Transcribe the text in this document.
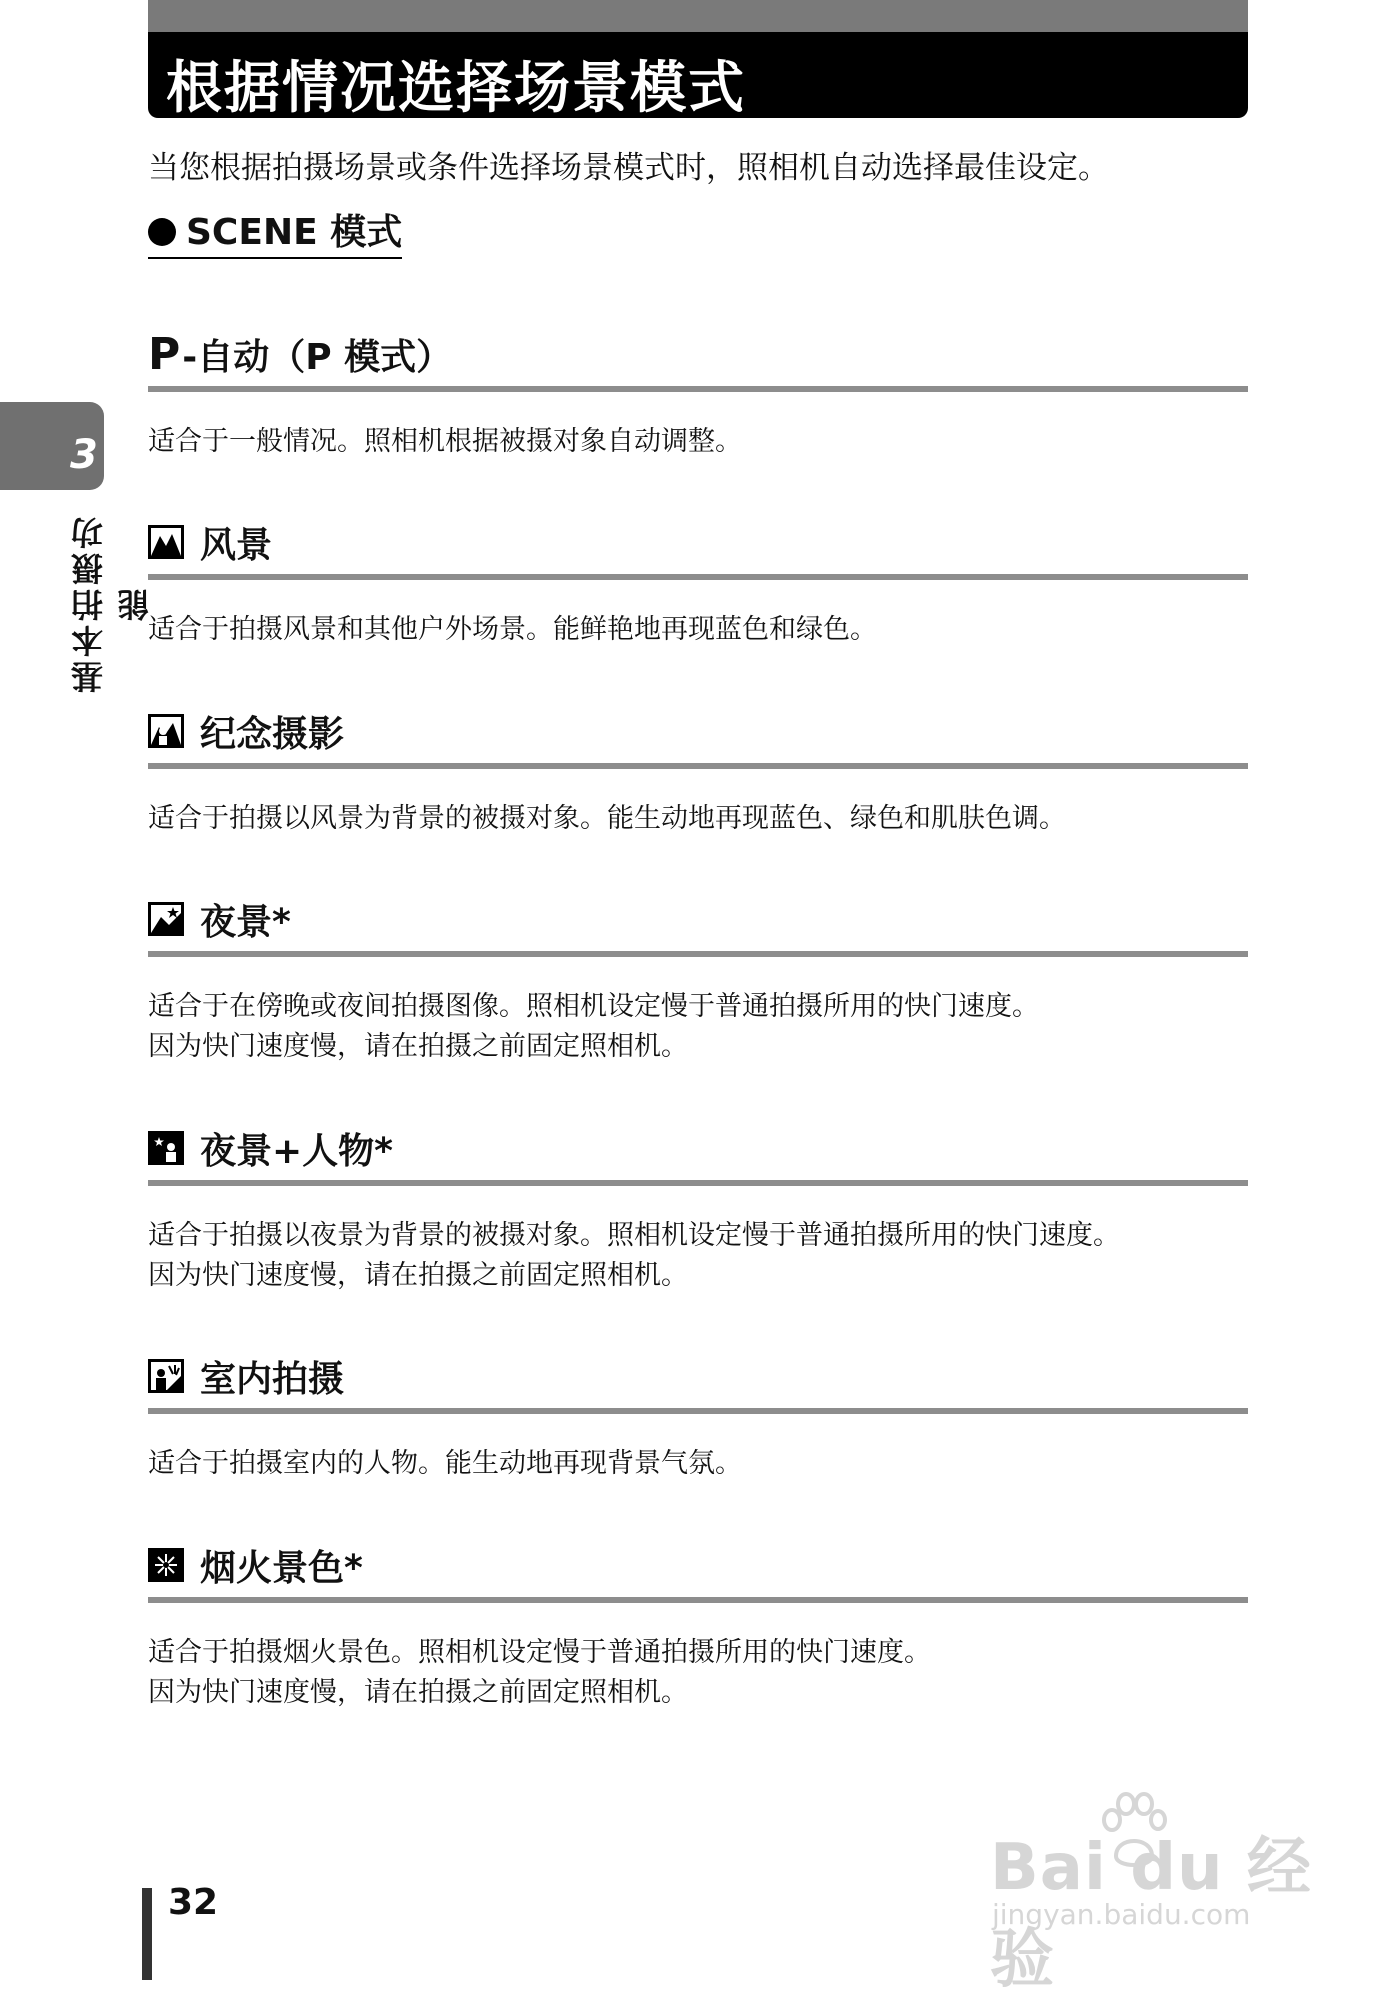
根据情况选择场景模式
当您根据拍摄场景或条件选择场景模式时，照相机自动选择最佳设定。
SCENE 模式
P -自动（P 模式）
适合于一般情况。照相机根据被摄对象自动调整。
风景
适合于拍摄风景和其他户外场景。能鲜艳地再现蓝色和绿色。
纪念摄影
适合于拍摄以风景为背景的被摄对象。能生动地再现蓝色、绿色和肌肤色调。
夜景*
适合于在傍晚或夜间拍摄图像。照相机设定慢于普通拍摄所用的快门速度。
因为快门速度慢，请在拍摄之前固定照相机。
夜景+人物*
适合于拍摄以夜景为背景的被摄对象。照相机设定慢于普通拍摄所用的快门速度。
因为快门速度慢，请在拍摄之前固定照相机。
室内拍摄
适合于拍摄室内的人物。能生动地再现背景气氛。
烟火景色*
适合于拍摄烟火景色。照相机设定慢于普通拍摄所用的快门速度。
因为快门速度慢，请在拍摄之前固定照相机。
3
基本拍摄功能
32	Bai du 经验
jingyan.baidu.com
